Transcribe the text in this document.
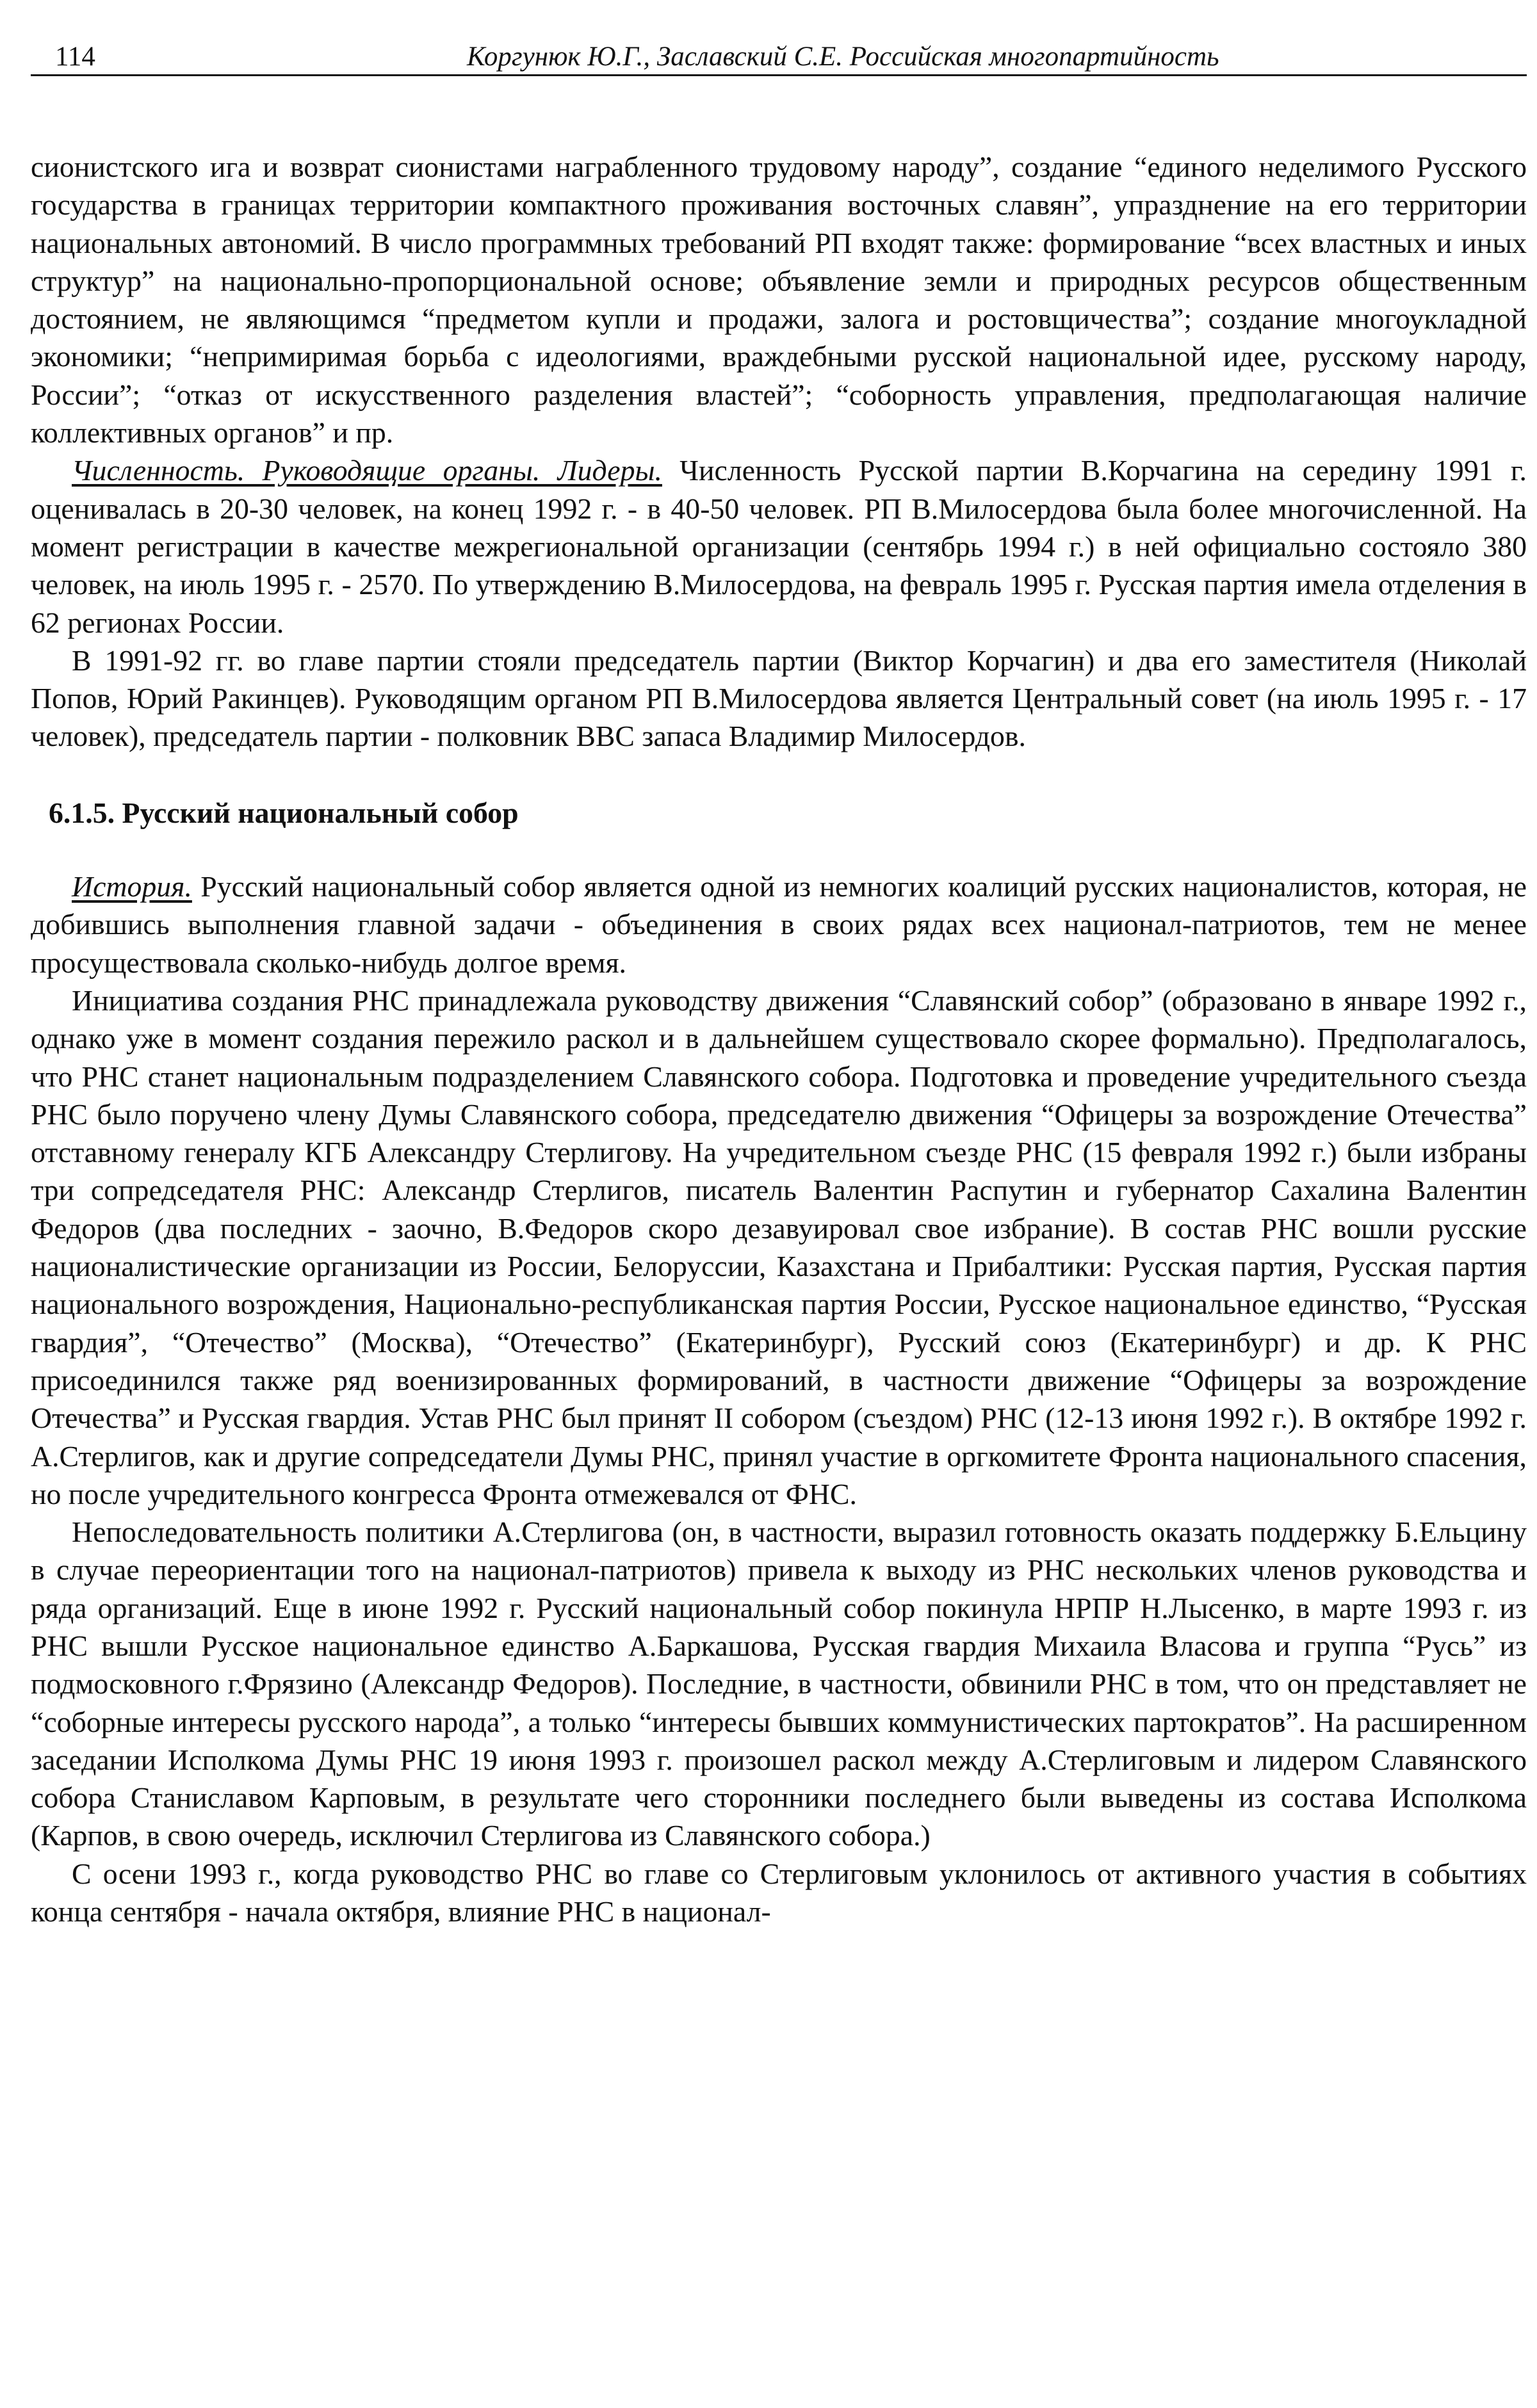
114	Коргунюк Ю.Г., Заславский С.Е. Российская многопартийность

сионистского ига и возврат сионистами награбленного трудовому народу”, создание “единого неделимого Русского государства в границах территории компактного проживания восточных славян”, упразднение на его территории национальных автономий. В число программных требований РП входят также: формирование “всех властных и иных структур” на национально-пропорциональной основе; объявление земли и природных ресурсов общественным достоянием, не являющимся “предметом купли и продажи, залога и ростовщичества”; создание многоукладной экономики; “непримиримая борьба с идеологиями, враждебными русской национальной идее, русскому народу, России”; “отказ от искусственного разделения властей”; “соборность управления, предполагающая наличие коллективных органов” и пр.

Численность. Руководящие органы. Лидеры. Численность Русской партии В.Корчагина на середину 1991 г. оценивалась в 20-30 человек, на конец 1992 г. - в 40-50 человек. РП В.Милосердова была более многочисленной. На момент регистрации в качестве межрегиональной организации (сентябрь 1994 г.) в ней официально состояло 380 человек, на июль 1995 г. - 2570. По утверждению В.Милосердова, на февраль 1995 г. Русская партия имела отделения в 62 регионах России.

В 1991-92 гг. во главе партии стояли председатель партии (Виктор Корчагин) и два его заместителя (Николай Попов, Юрий Ракинцев). Руководящим органом РП В.Милосердова является Центральный совет (на июль 1995 г. - 17 человек), председатель партии - полковник ВВС запаса Владимир Милосердов.

6.1.5. Русский национальный собор

История. Русский национальный собор является одной из немногих коалиций русских националистов, которая, не добившись выполнения главной задачи - объединения в своих рядах всех национал-патриотов, тем не менее просуществовала сколько-нибудь долгое время.

Инициатива создания РНС принадлежала руководству движения “Славянский собор” (образовано в январе 1992 г., однако уже в момент создания пережило раскол и в дальнейшем существовало скорее формально). Предполагалось, что РНС станет национальным подразделением Славянского собора. Подготовка и проведение учредительного съезда РНС было поручено члену Думы Славянского собора, председателю движения “Офицеры за возрождение Отечества” отставному генералу КГБ Александру Стерлигову. На учредительном съезде РНС (15 февраля 1992 г.) были избраны три сопредседателя РНС: Александр Стерлигов, писатель Валентин Распутин и губернатор Сахалина Валентин Федоров (два последних - заочно, В.Федоров скоро дезавуировал свое избрание). В состав РНС вошли русские националистические организации из России, Белоруссии, Казахстана и Прибалтики: Русская партия, Русская партия национального возрождения, Национально-республиканская партия России, Русское национальное единство, “Русская гвардия”, “Отечество” (Москва), “Отечество” (Екатеринбург), Русский союз (Екатеринбург) и др. К РНС присоединился также ряд военизированных формирований, в частности движение “Офицеры за возрождение Отечества” и Русская гвардия. Устав РНС был принят II собором (съездом) РНС (12-13 июня 1992 г.). В октябре 1992 г. А.Стерлигов, как и другие сопредседатели Думы РНС, принял участие в оргкомитете Фронта национального спасения, но после учредительного конгресса Фронта отмежевался от ФНС.

Непоследовательность политики А.Стерлигова (он, в частности, выразил готовность оказать поддержку Б.Ельцину в случае переориентации того на национал-патриотов) привела к выходу из РНС нескольких членов руководства и ряда организаций. Еще в июне 1992 г. Русский национальный собор покинула НРПР Н.Лысенко, в марте 1993 г. из РНС вышли Русское национальное единство А.Баркашова, Русская гвардия Михаила Власова и группа “Русь” из подмосковного г.Фрязино (Александр Федоров). Последние, в частности, обвинили РНС в том, что он представляет не “соборные интересы русского народа”, а только “интересы бывших коммунистических партократов”. На расширенном заседании Исполкома Думы РНС 19 июня 1993 г. произошел раскол между А.Стерлиговым и лидером Славянского собора Станиславом Карповым, в результате чего сторонники последнего были выведены из состава Исполкома (Карпов, в свою очередь, исключил Стерлигова из Славянского собора.)

С осени 1993 г., когда руководство РНС во главе со Стерлиговым уклонилось от активного участия в событиях конца сентября - начала октября, влияние РНС в национал-
